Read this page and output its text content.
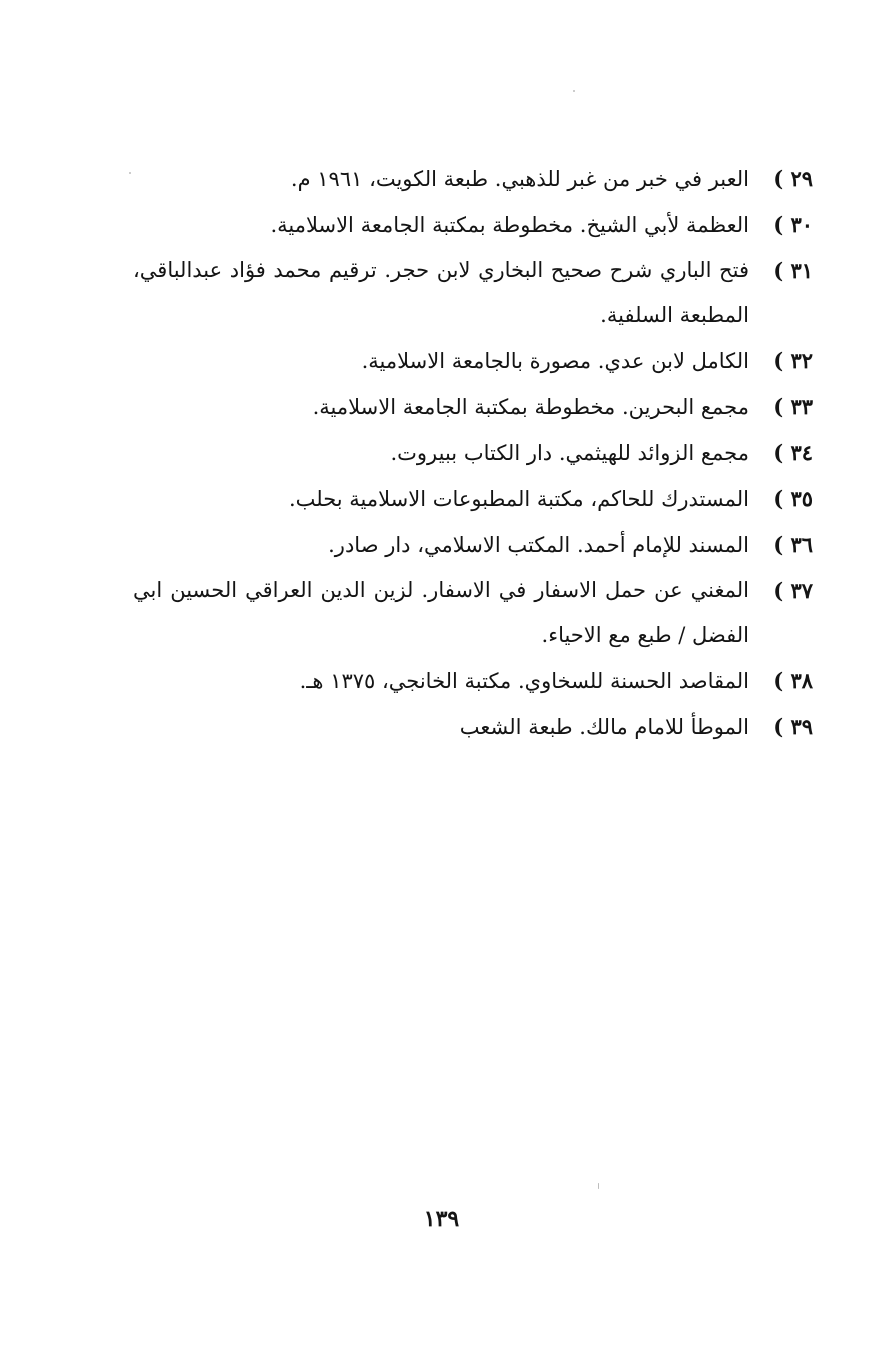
٢٩ )
العبر في خبر من غبر للذهبي. طبعة الكويت، ١٩٦١ م.
٣٠ )
العظمة لأبي الشيخ. مخطوطة بمكتبة الجامعة الاسلامية.
٣١ )
فتح الباري شرح صحيح البخاري لابن حجر. ترقيم محمد فؤاد عبدالباقي، المطبعة السلفية.
٣٢ )
الكامل لابن عدي. مصورة بالجامعة الاسلامية.
٣٣ )
مجمع البحرين. مخطوطة بمكتبة الجامعة الاسلامية.
٣٤ )
مجمع الزوائد للهيثمي. دار الكتاب ببيروت.
٣٥ )
المستدرك للحاكم، مكتبة المطبوعات الاسلامية بحلب.
٣٦ )
المسند للإمام أحمد. المكتب الاسلامي، دار صادر.
٣٧ )
المغني عن حمل الاسفار في الاسفار. لزين الدين العراقي الحسين ابي الفضل / طبع مع الاحياء.
٣٨ )
المقاصد الحسنة للسخاوي. مكتبة الخانجي، ١٣٧٥ هـ.
٣٩ )
الموطأ للامام مالك. طبعة الشعب
١٣٩
